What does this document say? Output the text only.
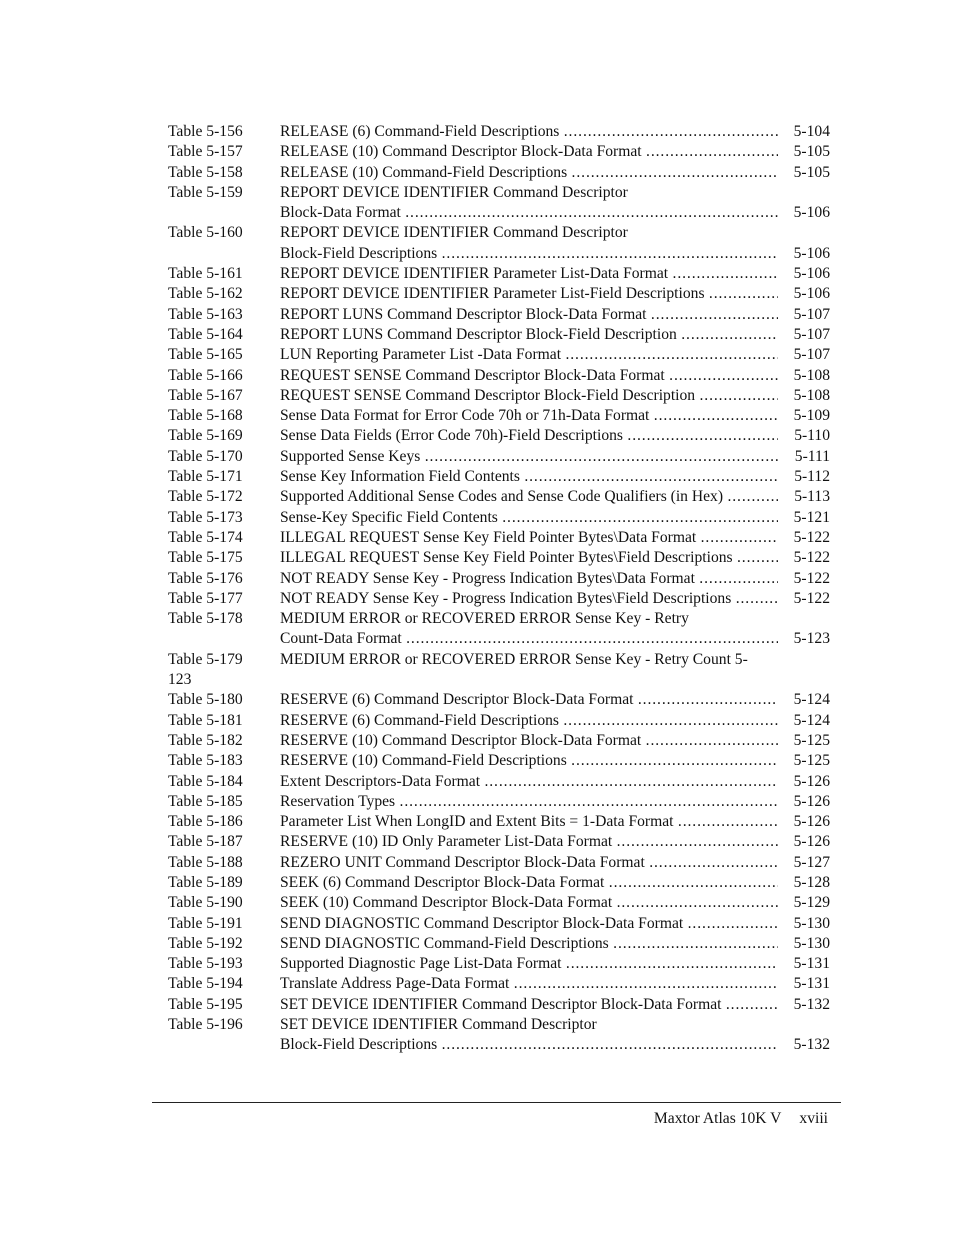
Table 5-156 RELEASE (6) Command-Field Descriptions . . .	5-104
Table 5-157 RELEASE (10) Command Descriptor Block-Data Format . . .	5-105
Table 5-158 RELEASE (10) Command-Field Descriptions . . .	5-105
Table 5-159 REPORT DEVICE IDENTIFIER Command Descriptor
Block-Data Format . . .	5-106
Table 5-160 REPORT DEVICE IDENTIFIER Command Descriptor
Block-Field Descriptions . . .	5-106
Table 5-161 REPORT DEVICE IDENTIFIER Parameter List-Data Format . . .	5-106
Table 5-162 REPORT DEVICE IDENTIFIER Parameter List-Field Descriptions . . .	5-106
Table 5-163 REPORT LUNS Command Descriptor Block-Data Format . . .	5-107
Table 5-164 REPORT LUNS Command Descriptor Block-Field Description . . .	5-107
Table 5-165 LUN Reporting Parameter List -Data Format . . .	5-107
Table 5-166 REQUEST SENSE Command Descriptor Block-Data Format . . .	5-108
Table 5-167 REQUEST SENSE Command Descriptor Block-Field Description . . .	5-108
Table 5-168 Sense Data Format for Error Code 70h or 71h-Data Format . . .	5-109
Table 5-169 Sense Data Fields (Error Code 70h)-Field Descriptions . . .	5-110
Table 5-170 Supported Sense Keys . . .	5-111
Table 5-171 Sense Key Information Field Contents . . .	5-112
Table 5-172 Supported Additional Sense Codes and Sense Code Qualifiers (in Hex) . . .	5-113
Table 5-173 Sense-Key Specific Field Contents . . .	5-121
Table 5-174 ILLEGAL REQUEST Sense Key Field Pointer Bytes\Data Format . . .	5-122
Table 5-175 ILLEGAL REQUEST Sense Key Field Pointer Bytes\Field Descriptions . . .	5-122
Table 5-176 NOT READY Sense Key - Progress Indication Bytes\Data Format . . .	5-122
Table 5-177 NOT READY Sense Key - Progress Indication Bytes\Field Descriptions . . .	5-122
Table 5-178 MEDIUM ERROR or RECOVERED ERROR Sense Key - Retry
Count-Data Format . . .	5-123
Table 5-179 MEDIUM ERROR or RECOVERED ERROR Sense Key - Retry Count 5-
123
Table 5-180 RESERVE (6) Command Descriptor Block-Data Format . . .	5-124
Table 5-181 RESERVE (6) Command-Field Descriptions . . .	5-124
Table 5-182 RESERVE (10) Command Descriptor Block-Data Format . . .	5-125
Table 5-183 RESERVE (10) Command-Field Descriptions . . .	5-125
Table 5-184 Extent Descriptors-Data Format . . .	5-126
Table 5-185 Reservation Types . . .	5-126
Table 5-186 Parameter List When LongID and Extent Bits = 1-Data Format . . .	5-126
Table 5-187 RESERVE (10) ID Only Parameter List-Data Format . . .	5-126
Table 5-188 REZERO UNIT Command Descriptor Block-Data Format . . .	5-127
Table 5-189 SEEK (6) Command Descriptor Block-Data Format . . .	5-128
Table 5-190 SEEK (10) Command Descriptor Block-Data Format . . .	5-129
Table 5-191 SEND DIAGNOSTIC Command Descriptor Block-Data Format . . .	5-130
Table 5-192 SEND DIAGNOSTIC Command-Field Descriptions . . .	5-130
Table 5-193 Supported Diagnostic Page List-Data Format . . .	5-131
Table 5-194 Translate Address Page-Data Format . . .	5-131
Table 5-195 SET DEVICE IDENTIFIER Command Descriptor Block-Data Format . . .	5-132
Table 5-196 SET DEVICE IDENTIFIER Command Descriptor
Block-Field Descriptions . . .	5-132
Maxtor Atlas 10K V xviii
